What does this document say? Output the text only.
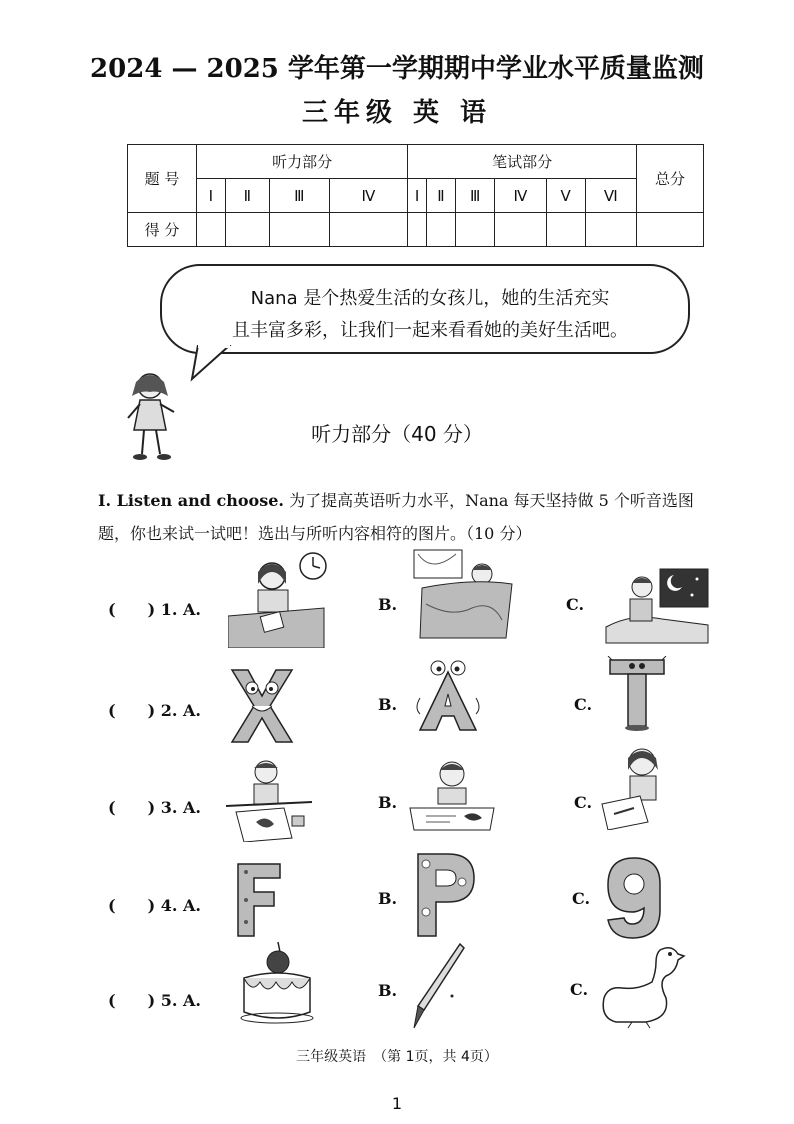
2024 — 2025 学年第一学期期中学业水平质量监测
三年级 英 语
题 号	听力部分				笔试部分						总分
	Ⅰ	Ⅱ	Ⅲ	Ⅳ	Ⅰ	Ⅱ	Ⅲ	Ⅳ	Ⅴ	Ⅵ	
得 分											
Nana 是个热爱生活的女孩儿，她的生活充实
且丰富多彩，让我们一起来看看她的美好生活吧。
听力部分（40 分）
I. Listen and choose. 为了提高英语听力水平，Nana 每天坚持做 5 个听音选图
题，你也来试一试吧！选出与所听内容相符的图片。（10 分）
(　　) 1. A.	B.	C.
(　　) 2. A.	B.	C.
(　　) 3. A.	B.	C.
(　　) 4. A.	B.	C.
(　　) 5. A.
B.	C.
三年级英语　（第 1页，共 4页）
1
